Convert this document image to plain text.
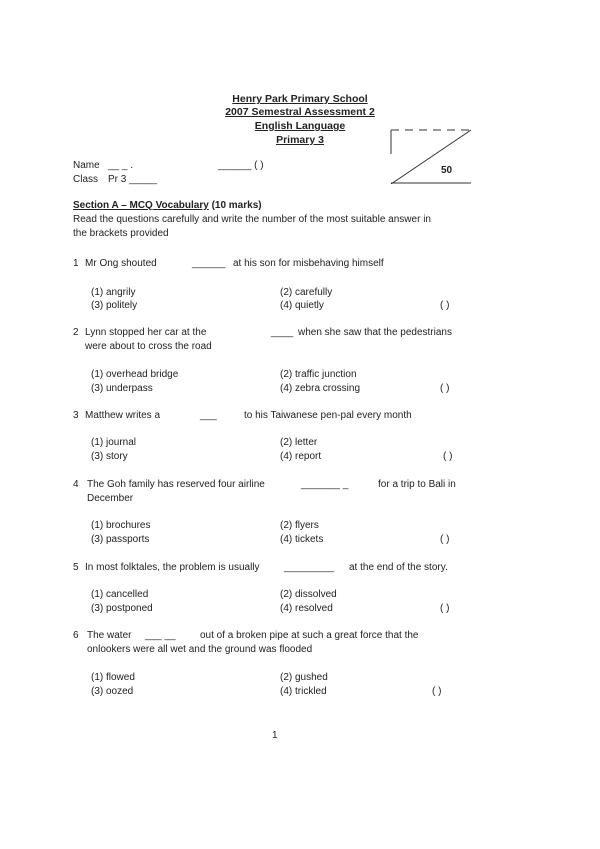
Henry Park Primary School
2007 Semestral Assessment 2
English Language
Primary 3
50
Name __ _ .	______ ( )
Class Pr 3 _____
Section A – MCQ Vocabulary (10 marks)
Read the questions carefully and write the number of the most suitable answer in
the brackets provided
1 Mr Ong shouted	______ at his son for misbehaving himself
(1) angrily	(2) carefully
(3) politely	(4) quietly	( )
2 Lynn stopped her car at the	____ when she saw that the pedestrians
were about to cross the road
(1) overhead bridge	(2) traffic junction
(3) underpass	(4) zebra crossing	( )
3 Matthew writes a	___	to his Taiwanese pen-pal every month
(1) journal	(2) letter
(3) story	(4) report	( )
4 The Goh family has reserved four airline	_______ _	for a trip to Bali in
December
(1) brochures	(2) flyers
(3) passports	(4) tickets	( )
5 In most folktales, the problem is usually _________ at the end of the story.
(1) cancelled	(2) dissolved
(3) postponed	(4) resolved	( )
6 The water ___ __ out of a broken pipe at such a great force that the
onlookers were all wet and the ground was flooded
(1) flowed	(2) gushed
(3) oozed	(4) trickled	( )
1
